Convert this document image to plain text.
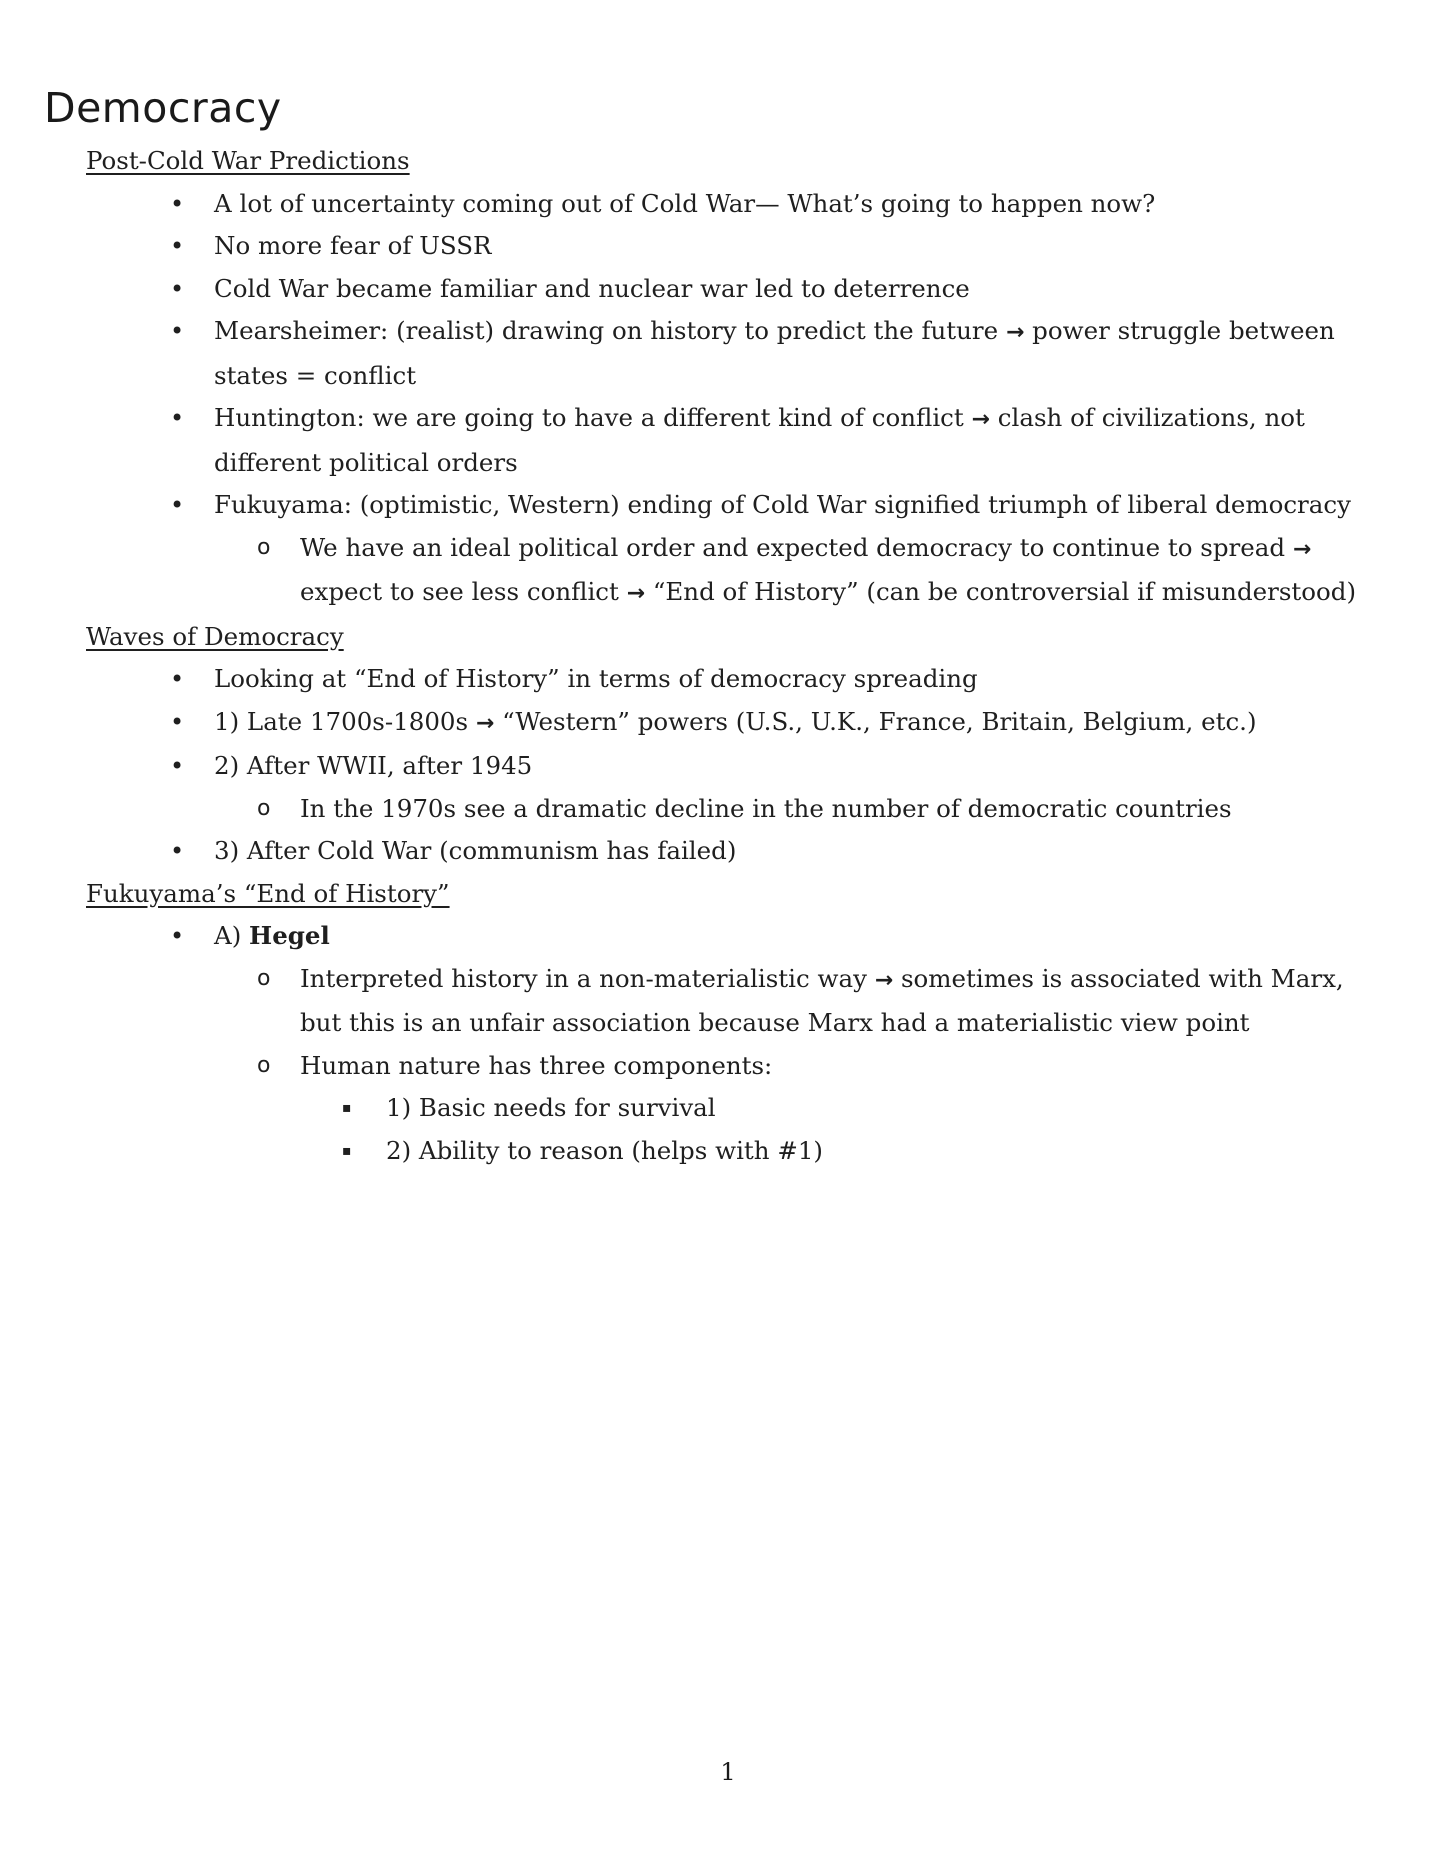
Democracy
Post-Cold War Predictions
• A lot of uncertainty coming out of Cold War— What’s going to happen now?
• No more fear of USSR
• Cold War became familiar and nuclear war led to deterrence
• Mearsheimer: (realist) drawing on history to predict the future → power struggle between states = conflict
• Huntington: we are going to have a different kind of conflict → clash of civilizations, not different political orders
• Fukuyama: (optimistic, Western) ending of Cold War signified triumph of liberal democracy
o We have an ideal political order and expected democracy to continue to spread → expect to see less conflict → “End of History” (can be controversial if misunderstood)
Waves of Democracy
• Looking at “End of History” in terms of democracy spreading
• 1) Late 1700s-1800s → “Western” powers (U.S., U.K., France, Britain, Belgium, etc.)
• 2) After WWII, after 1945
o In the 1970s see a dramatic decline in the number of democratic countries
• 3) After Cold War (communism has failed)
Fukuyama’s “End of History”
• A) Hegel
o Interpreted history in a non-materialistic way → sometimes is associated with Marx, but this is an unfair association because Marx had a materialistic view point
o Human nature has three components:
▪ 1) Basic needs for survival
▪ 2) Ability to reason (helps with #1)
1
